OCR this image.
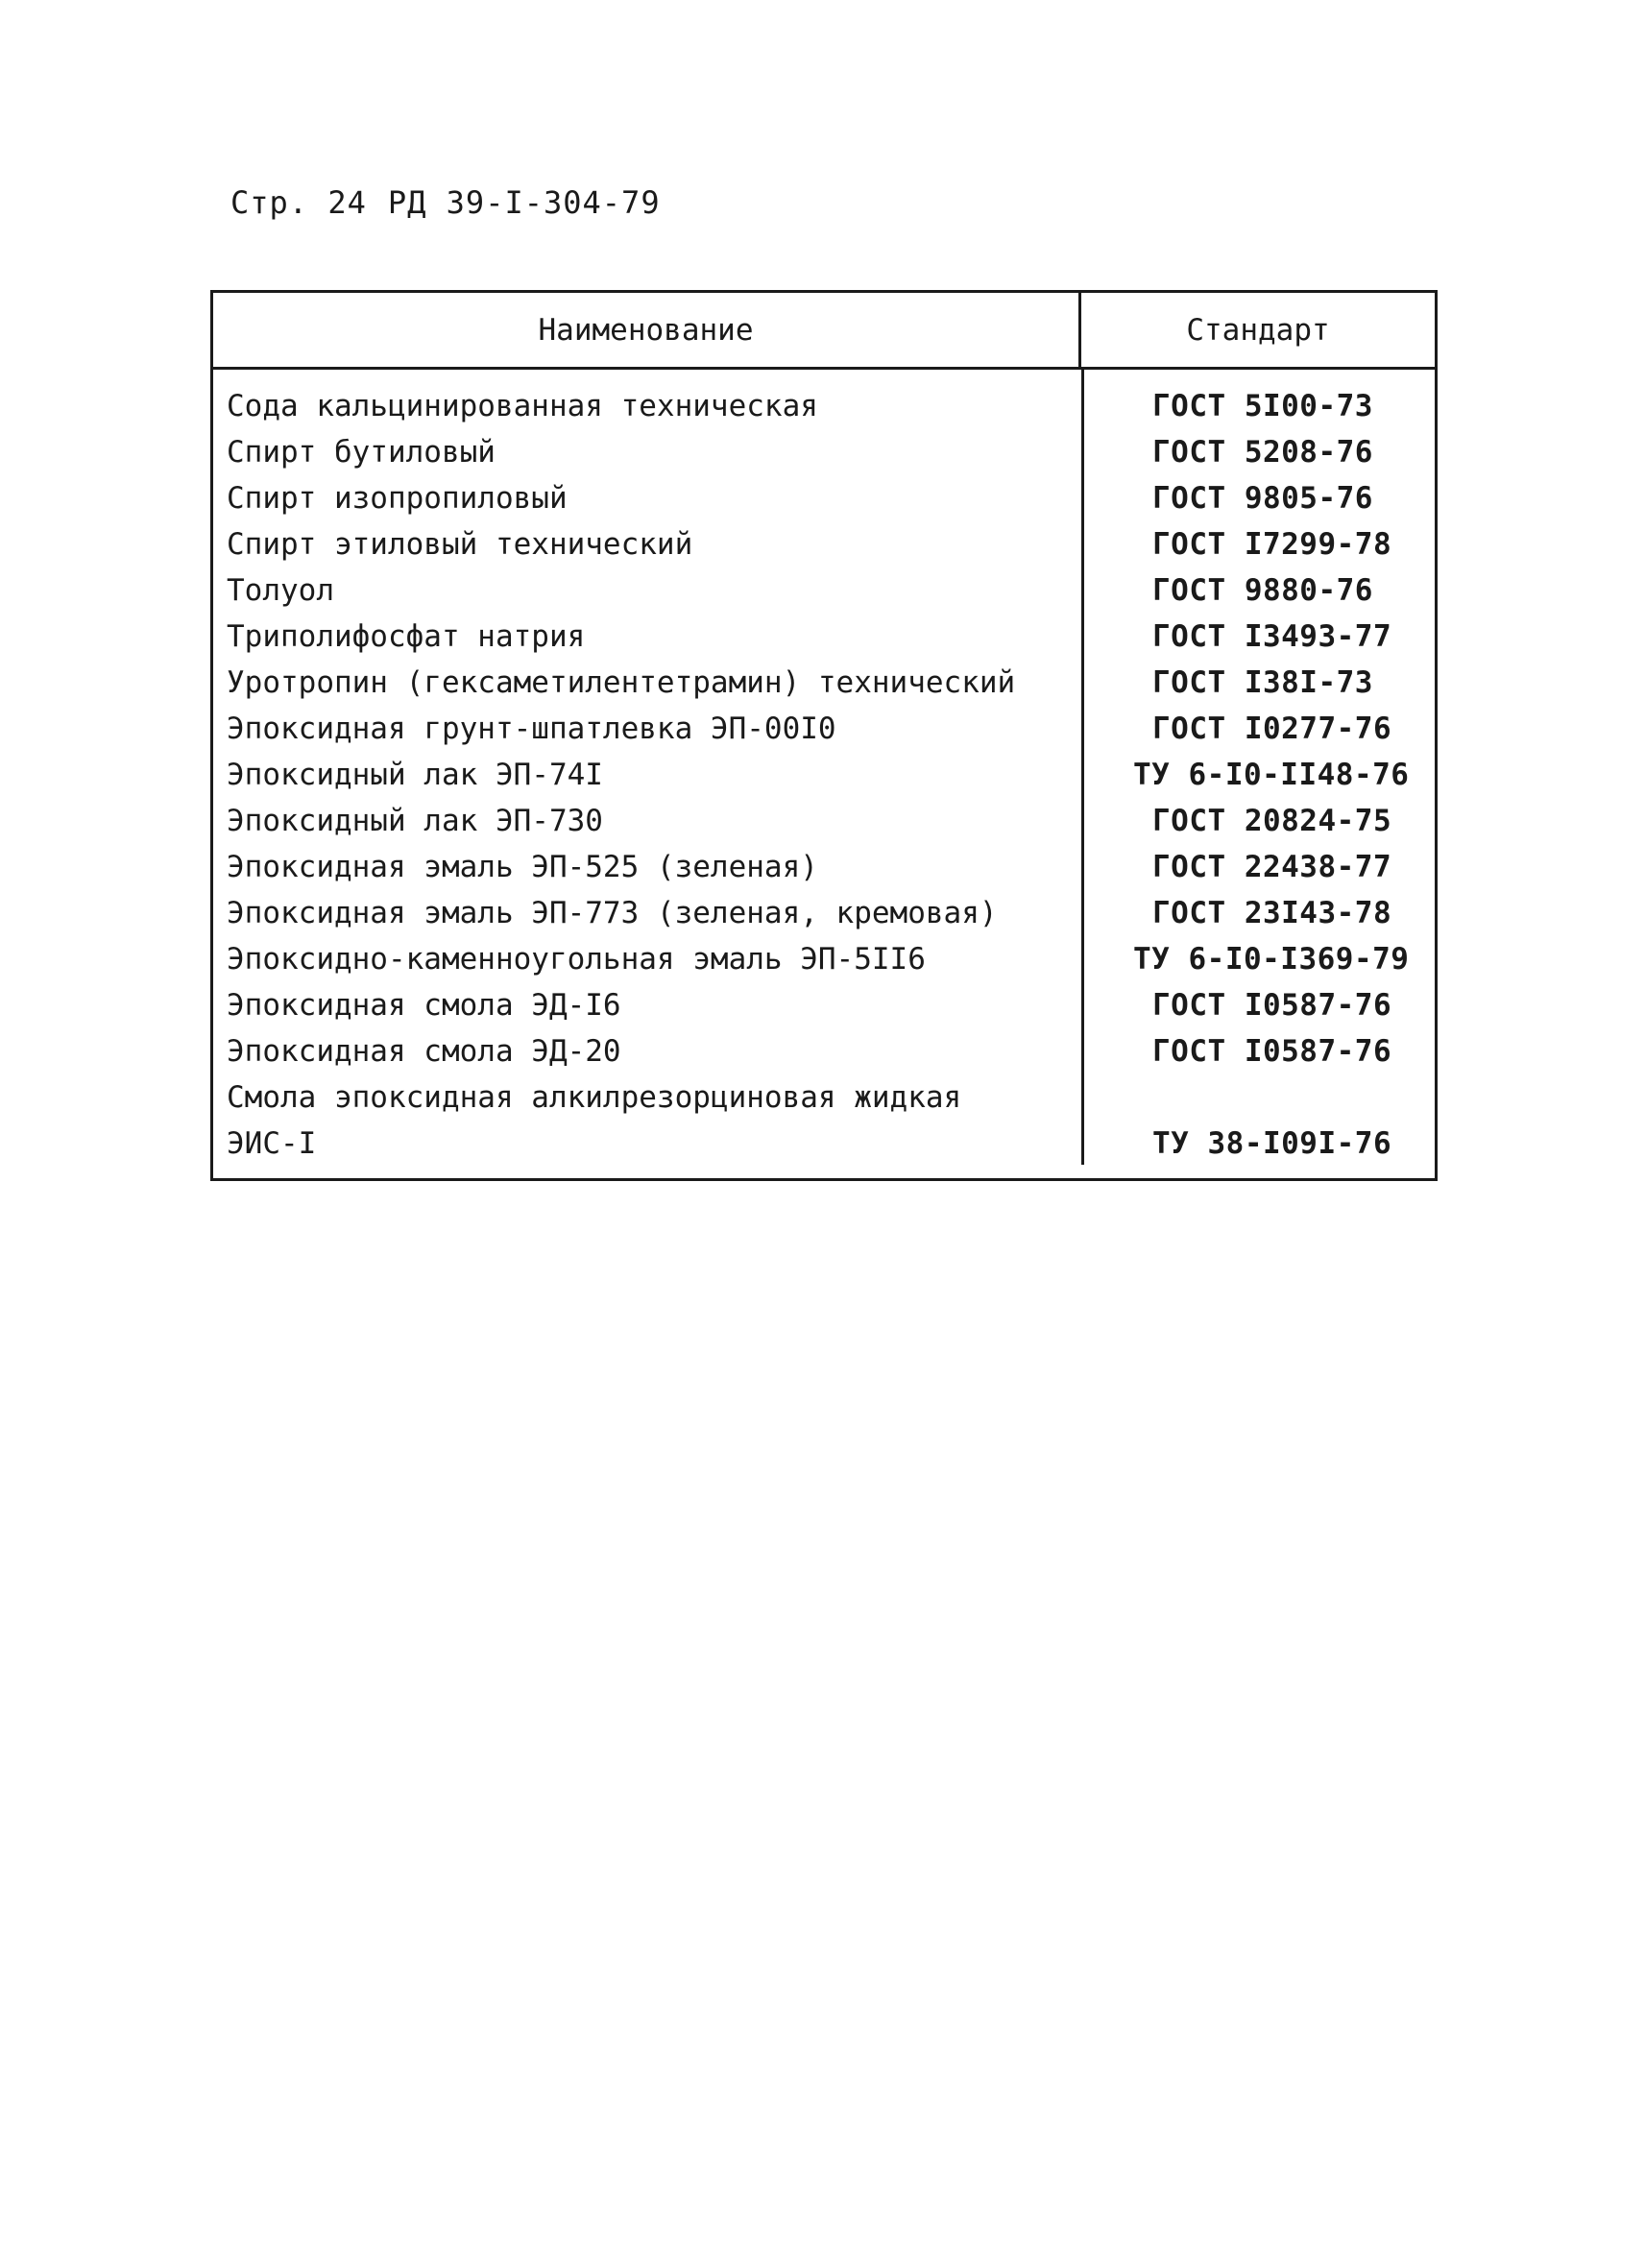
Стр. 24 РД 39-I-304-79
Наименование	Стандарт
Сода кальцинированная техническая	ГОСТ 5I00-73
Спирт бутиловый	ГОСТ 5208-76
Спирт изопропиловый	ГОСТ 9805-76
Спирт этиловый технический	ГОСТ I7299-78
Толуол	ГОСТ 9880-76
Триполифосфат натрия	ГОСТ I3493-77
Уротропин (гексаметилентетрамин) технический	ГОСТ I38I-73
Эпоксидная грунт-шпатлевка ЭП-00I0	ГОСТ I0277-76
Эпоксидный лак ЭП-74I	ТУ 6-I0-II48-76
Эпоксидный лак ЭП-730	ГОСТ 20824-75
Эпоксидная эмаль ЭП-525 (зеленая)	ГОСТ 22438-77
Эпоксидная эмаль ЭП-773 (зеленая, кремовая)	ГОСТ 23I43-78
Эпоксидно-каменноугольная эмаль ЭП-5II6	ТУ 6-I0-I369-79
Эпоксидная смола ЭД-I6	ГОСТ I0587-76
Эпоксидная смола ЭД-20	ГОСТ I0587-76
Смола эпоксидная алкилрезорциновая жидкая
ЭИС-I	ТУ 38-I09I-76
